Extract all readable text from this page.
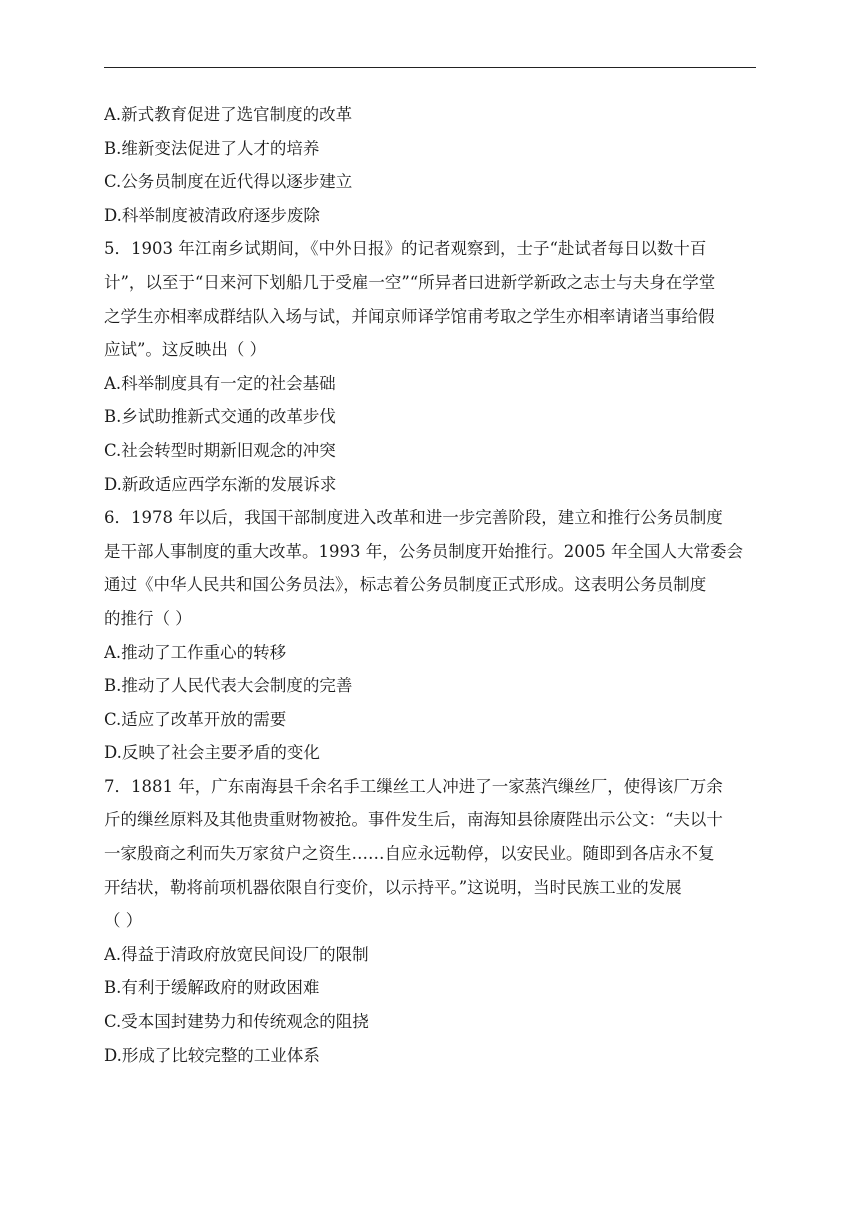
A.新式教育促进了选官制度的改革
B.维新变法促进了人才的培养
C.公务员制度在近代得以逐步建立
D.科举制度被清政府逐步废除
5．1903 年江南乡试期间，《中外日报》的记者观察到，士子“赴试者每日以数十百
计”，以至于“日来河下划船几于受雇一空”“所异者曰进新学新政之志士与夫身在学堂
之学生亦相率成群结队入场与试，并闻京师译学馆甫考取之学生亦相率请诸当事给假
应试”。这反映出（ ）
A.科举制度具有一定的社会基础
B.乡试助推新式交通的改革步伐
C.社会转型时期新旧观念的冲突
D.新政适应西学东渐的发展诉求
6．1978 年以后，我国干部制度进入改革和进一步完善阶段，建立和推行公务员制度
是干部人事制度的重大改革。1993 年，公务员制度开始推行。2005 年全国人大常委会
通过《中华人民共和国公务员法》，标志着公务员制度正式形成。这表明公务员制度
的推行（ ）
A.推动了工作重心的转移
B.推动了人民代表大会制度的完善
C.适应了改革开放的需要
D.反映了社会主要矛盾的变化
7．1881 年，广东南海县千余名手工缫丝工人冲进了一家蒸汽缫丝厂，使得该厂万余
斤的缫丝原料及其他贵重财物被抢。事件发生后，南海知县徐赓陛出示公文：“夫以十
一家殷商之利而失万家贫户之资生……自应永远勒停，以安民业。随即到各店永不复
开结状，勒将前项机器依限自行变价，以示持平。”这说明，当时民族工业的发展
（ ）
A.得益于清政府放宽民间设厂的限制
B.有利于缓解政府的财政困难
C.受本国封建势力和传统观念的阻挠
D.形成了比较完整的工业体系
